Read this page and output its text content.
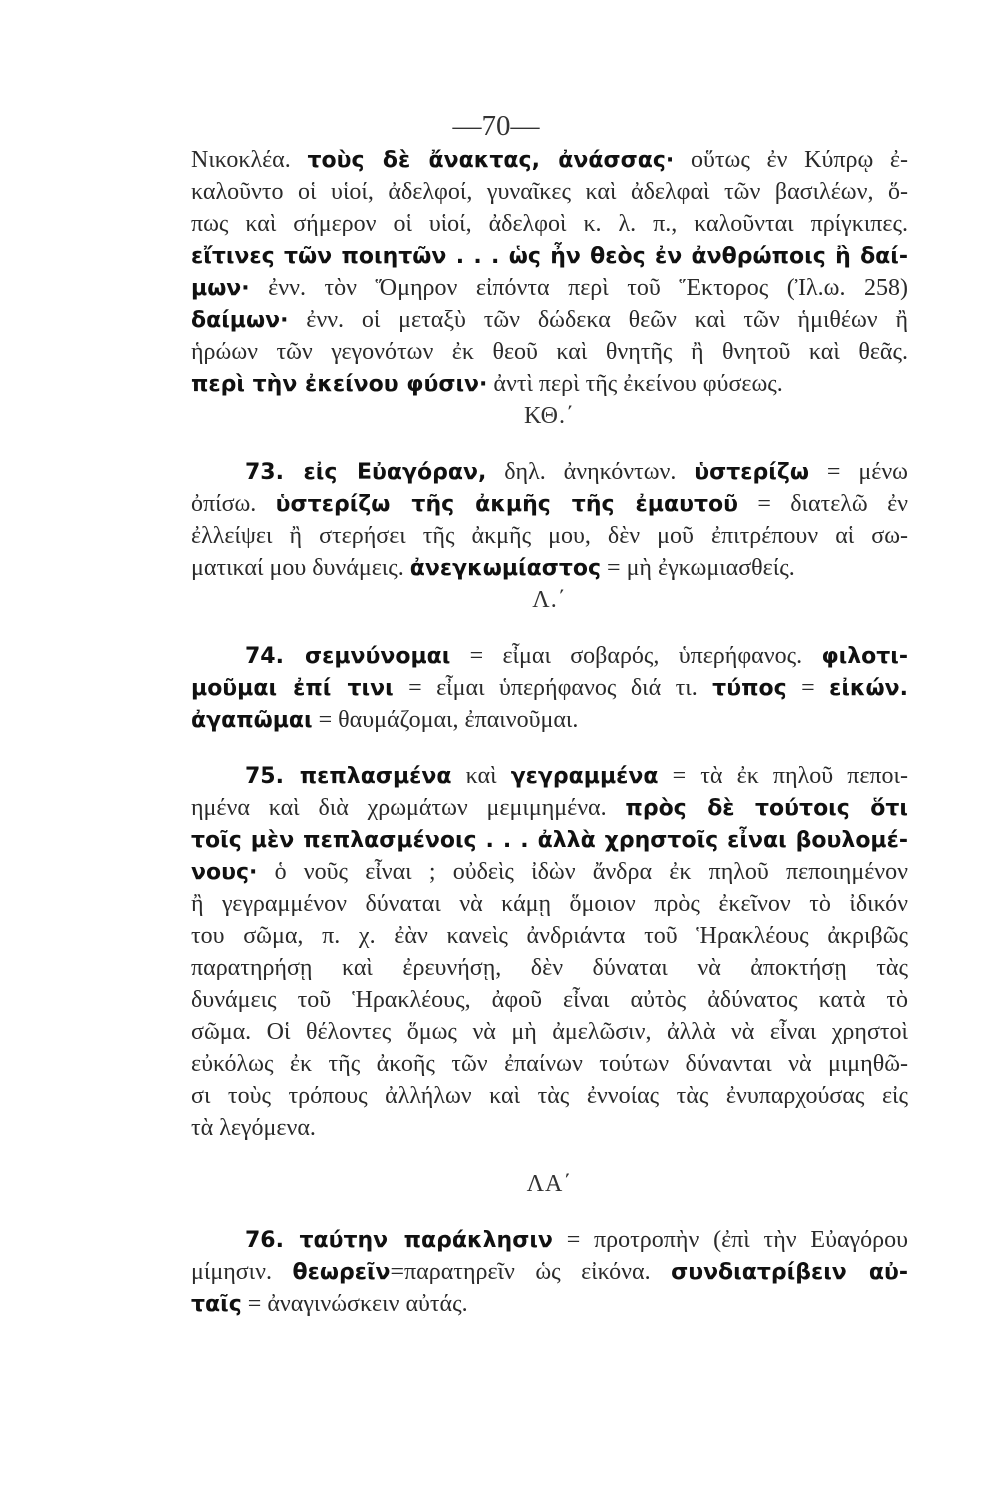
—70—
Νικοκλέα. τοὺς δὲ ἄνακτας, ἀνάσσας· οὕτως ἐν Κύπρῳ ἐ-
καλοῦντο οἱ υἱοί, ἀδελφοί, γυναῖκες καὶ ἀδελφαὶ τῶν βασιλέων, ὅ-
πως καὶ σήμερον οἱ υἱοί, ἀδελφοὶ κ. λ. π., καλοῦνται πρίγκιπες.
εἴτινες τῶν ποιητῶν . . . ὡς ἦν θεὸς ἐν ἀνθρώποις ἢ δαί-
μων· ἐνν. τὸν Ὅμηρον εἰπόντα περὶ τοῦ Ἕκτορος (Ἰλ.ω. 258)
δαίμων· ἐνν. οἱ μεταξὺ τῶν δώδεκα θεῶν καὶ τῶν ἡμιθέων ἢ
ἡρώων τῶν γεγονότων ἐκ θεοῦ καὶ θνητῆς ἢ θνητοῦ καὶ θεᾶς.
περὶ τὴν ἐκείνου φύσιν· ἀντὶ περὶ τῆς ἐκείνου φύσεως.
ΚΘ.΄
73. εἰς Εὐαγόραν, δηλ. ἀνηκόντων. ὑστερίζω = μένω
ὀπίσω. ὑστερίζω τῆς ἀκμῆς τῆς ἐμαυτοῦ = διατελῶ ἐν
ἐλλείψει ἢ στερήσει τῆς ἀκμῆς μου, δὲν μοῦ ἐπιτρέπουν αἱ σω-
ματικαί μου δυνάμεις. ἀνεγκωμίαστος = μὴ ἐγκωμιασθείς.
Λ.΄
74. σεμνύνομαι = εἶμαι σοβαρός, ὑπερήφανος. φιλοτι-
μοῦμαι ἐπί τινι = εἶμαι ὑπερήφανος διά τι. τύπος = εἰκών.
ἀγαπῶμαι = θαυμάζομαι, ἐπαινοῦμαι.
75. πεπλασμένα καὶ γεγραμμένα = τὰ ἐκ πηλοῦ πεποι-
ημένα καὶ διὰ χρωμάτων μεμιμημένα. πρὸς δὲ τούτοις ὅτι
τοῖς μὲν πεπλασμένοις . . . ἀλλὰ χρηστοῖς εἶναι βουλομέ-
νους· ὁ νοῦς εἶναι ; οὐδεὶς ἰδὼν ἄνδρα ἐκ πηλοῦ πεποιημένον
ἢ γεγραμμένον δύναται νὰ κάμῃ ὅμοιον πρὸς ἐκεῖνον τὸ ἰδικόν
του σῶμα, π. χ. ἐὰν κανεὶς ἀνδριάντα τοῦ Ἡρακλέους ἀκριβῶς
παρατηρήσῃ καὶ ἐρευνήσῃ, δὲν δύναται νὰ ἀποκτήσῃ τὰς
δυνάμεις τοῦ Ἡρακλέους, ἀφοῦ εἶναι αὐτὸς ἀδύνατος κατὰ τὸ
σῶμα. Οἱ θέλοντες ὅμως νὰ μὴ ἀμελῶσιν, ἀλλὰ νὰ εἶναι χρηστοὶ
εὐκόλως ἐκ τῆς ἀκοῆς τῶν ἐπαίνων τούτων δύνανται νὰ μιμηθῶ-
σι τοὺς τρόπους ἀλλήλων καὶ τὰς ἐννοίας τὰς ἐνυπαρχούσας εἰς
τὰ λεγόμενα.
ΛΑ΄
76. ταύτην παράκλησιν = προτροπὴν (ἐπὶ τὴν Εὐαγόρου
μίμησιν. θεωρεῖν=παρατηρεῖν ὡς εἰκόνα. συνδιατρίβειν αὐ-
ταῖς = ἀναγινώσκειν αὐτάς.
